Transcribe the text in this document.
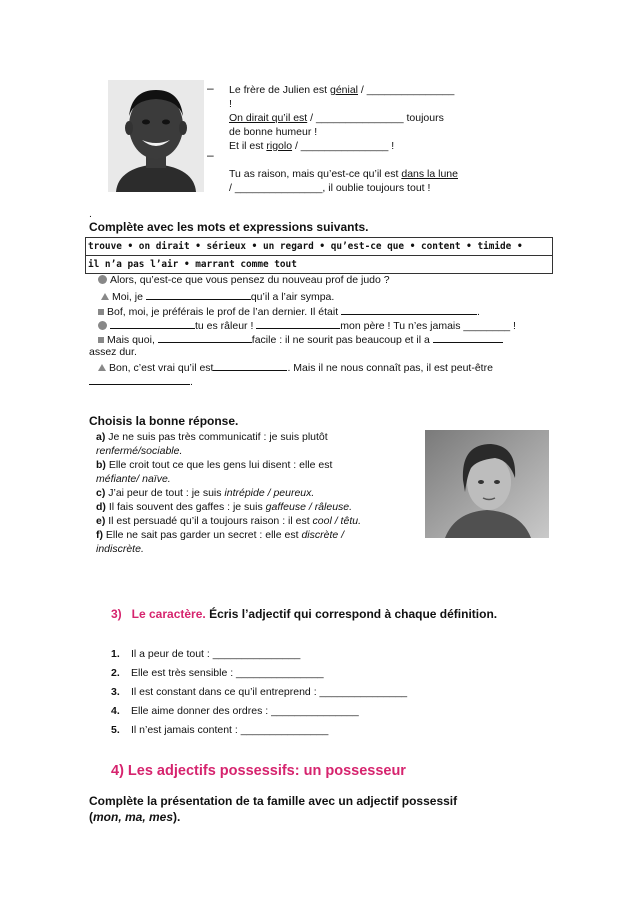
– Le frère de Julien est génial / _______________
!
On dirait qu’il est / _______________ toujours
de bonne humeur !
Et il est rigolo / _______________ !
–
Tu as raison, mais qu’est-ce qu’il est dans la lune
/ _______________, il oublie toujours tout !
.
Complète avec les mots et expressions suivants.
trouve • on dirait • sérieux • un regard • qu’est-ce que • content • timide •
il n’a pas l’air • marrant comme tout
Alors, qu’est-ce que vous pensez du nouveau prof de judo ?
Moi, je	qu’il a l’air sympa.
Bof, moi, je préférais le prof de l’an dernier. Il était	.
tu es râleur !	mon père ! Tu n’es jamais ________ !
Mais quoi,	facile : il ne sourit pas beaucoup et il a
assez dur.
Bon, c’est vrai qu’il est	. Mais il ne nous connaît pas, il est peut-être
.
Choisis la bonne réponse.
a) Je ne suis pas très communicatif : je suis plutôt
renfermé/sociable.
b) Elle croit tout ce que les gens lui disent : elle est
méfiante/ naïve.
c) J’ai peur de tout : je suis intrépide / peureux.
d) Il fais souvent des gaffes : je suis gaffeuse / râleuse.
e) Il est persuadé qu’il a toujours raison : il est cool / têtu.
f) Elle ne sait pas garder un secret : elle est discrète /
indiscrète.
3) Le caractère. Écris l’adjectif qui correspond à chaque définition.
1. Il a peur de tout : _______________
2. Elle est très sensible : _______________
3. Il est constant dans ce qu’il entreprend : _______________
4. Elle aime donner des ordres : _______________
5. Il n’est jamais content : _______________
4) Les adjectifs possessifs: un possesseur
Complète la présentation de ta famille avec un adjectif possessif
(mon, ma, mes).
